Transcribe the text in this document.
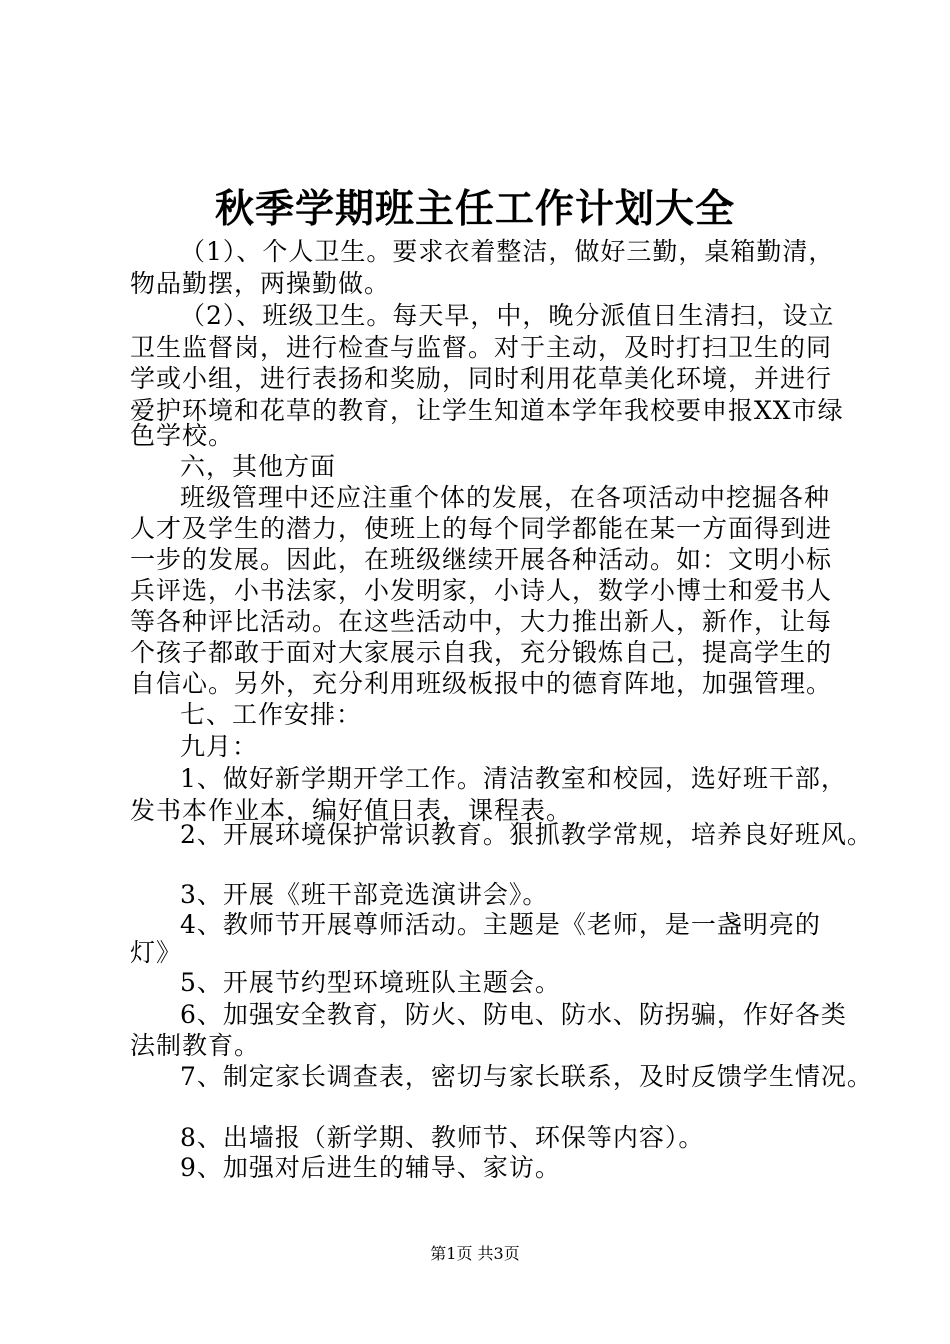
秋季学期班主任工作计划大全
（1）、个人卫生。要求衣着整洁，做好三勤，桌箱勤清，
物品勤摆，两操勤做。
（2）、班级卫生。每天早，中，晚分派值日生清扫，设立
卫生监督岗，进行检查与监督。对于主动，及时打扫卫生的同
学或小组，进行表扬和奖励，同时利用花草美化环境，并进行
爱护环境和花草的教育，让学生知道本学年我校要申报XX市绿
色学校。
六，其他方面
班级管理中还应注重个体的发展，在各项活动中挖掘各种
人才及学生的潜力，使班上的每个同学都能在某一方面得到进
一步的发展。因此，在班级继续开展各种活动。如：文明小标
兵评选，小书法家，小发明家，小诗人，数学小博士和爱书人
等各种评比活动。在这些活动中，大力推出新人，新作，让每
个孩子都敢于面对大家展示自我，充分锻炼自己，提高学生的
自信心。另外，充分利用班级板报中的德育阵地，加强管理。
七、工作安排：
九月：
1、做好新学期开学工作。清洁教室和校园，选好班干部，
发书本作业本，编好值日表，课程表。
2、开展环境保护常识教育。狠抓教学常规，培养良好班风。
3、开展《班干部竞选演讲会》。
4、教师节开展尊师活动。主题是《老师，是一盏明亮的
灯》
5、开展节约型环境班队主题会。
6、加强安全教育，防火、防电、防水、防拐骗，作好各类
法制教育。
7、制定家长调查表，密切与家长联系，及时反馈学生情况。
8、出墙报（新学期、教师节、环保等内容）。
9、加强对后进生的辅导、家访。
第1页 共3页
